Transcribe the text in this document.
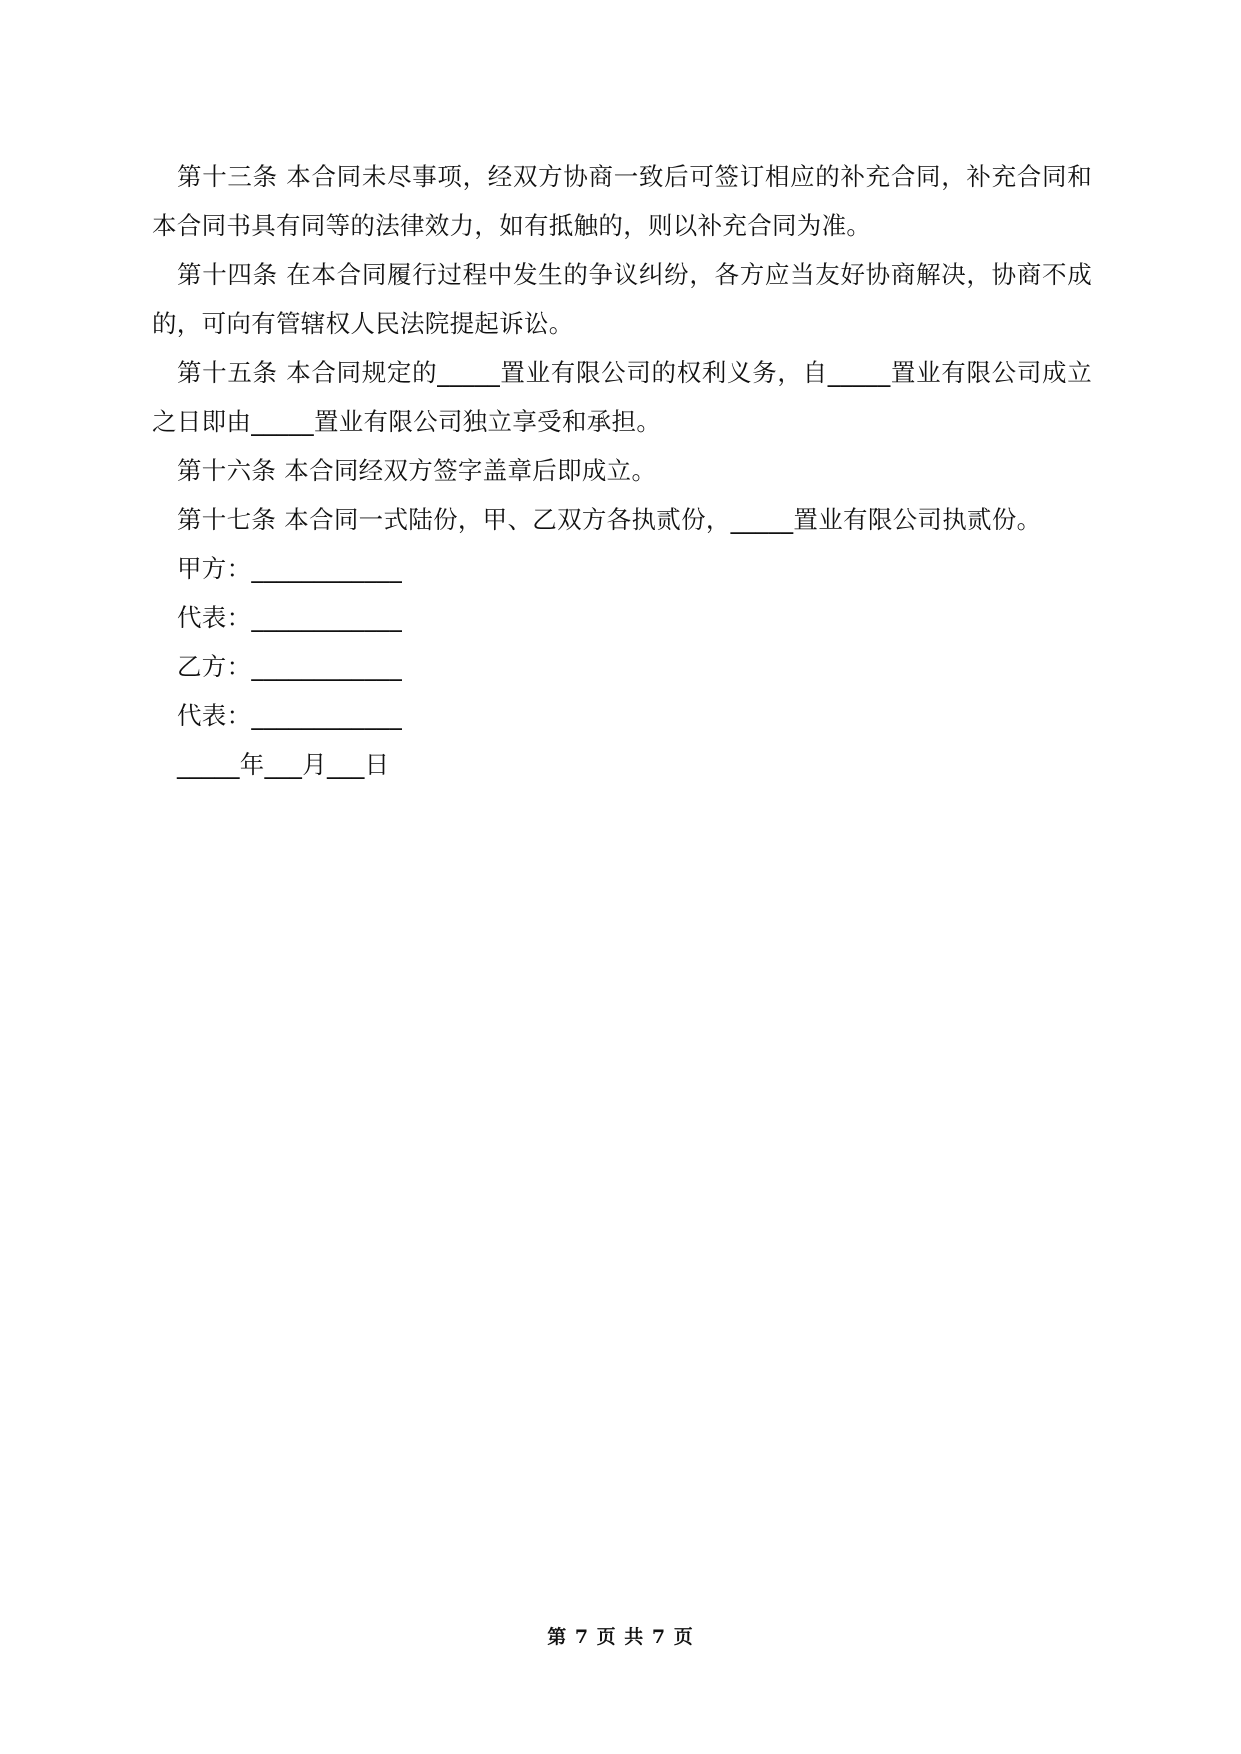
第十三条 本合同未尽事项，经双方协商一致后可签订相应的补充合同，补充合同和本合同书具有同等的法律效力，如有抵触的，则以补充合同为准。

第十四条 在本合同履行过程中发生的争议纠纷，各方应当友好协商解决，协商不成的，可向有管辖权人民法院提起诉讼。

第十五条 本合同规定的_____置业有限公司的权利义务，自_____置业有限公司成立之日即由_____置业有限公司独立享受和承担。

第十六条 本合同经双方签字盖章后即成立。

第十七条 本合同一式陆份，甲、乙双方各执贰份，_____置业有限公司执贰份。

甲方：____________

代表：____________

乙方：____________

代表：____________

_____年___月___日

第 7 页 共 7 页
